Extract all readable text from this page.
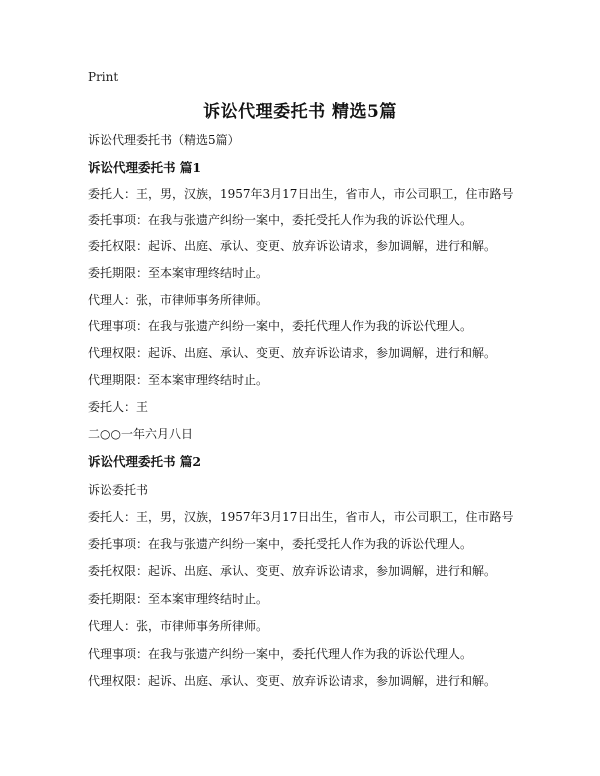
Print
诉讼代理委托书 精选5篇
诉讼代理委托书（精选5篇）
诉讼代理委托书 篇1
委托人：王，男，汉族，1957年3月17日出生，省市人，市公司职工，住市路号
委托事项：在我与张遗产纠纷一案中，委托受托人作为我的诉讼代理人。
委托权限：起诉、出庭、承认、变更、放弃诉讼请求，参加调解，进行和解。
委托期限：至本案审理终结时止。
代理人：张，市律师事务所律师。
代理事项：在我与张遗产纠纷一案中，委托代理人作为我的诉讼代理人。
代理权限：起诉、出庭、承认、变更、放弃诉讼请求，参加调解，进行和解。
代理期限：至本案审理终结时止。
委托人：王
二○○一年六月八日
诉讼代理委托书 篇2
诉讼委托书
委托人：王，男，汉族，1957年3月17日出生，省市人，市公司职工，住市路号
委托事项：在我与张遗产纠纷一案中，委托受托人作为我的诉讼代理人。
委托权限：起诉、出庭、承认、变更、放弃诉讼请求，参加调解，进行和解。
委托期限：至本案审理终结时止。
代理人：张，市律师事务所律师。
代理事项：在我与张遗产纠纷一案中，委托代理人作为我的诉讼代理人。
代理权限：起诉、出庭、承认、变更、放弃诉讼请求，参加调解，进行和解。
